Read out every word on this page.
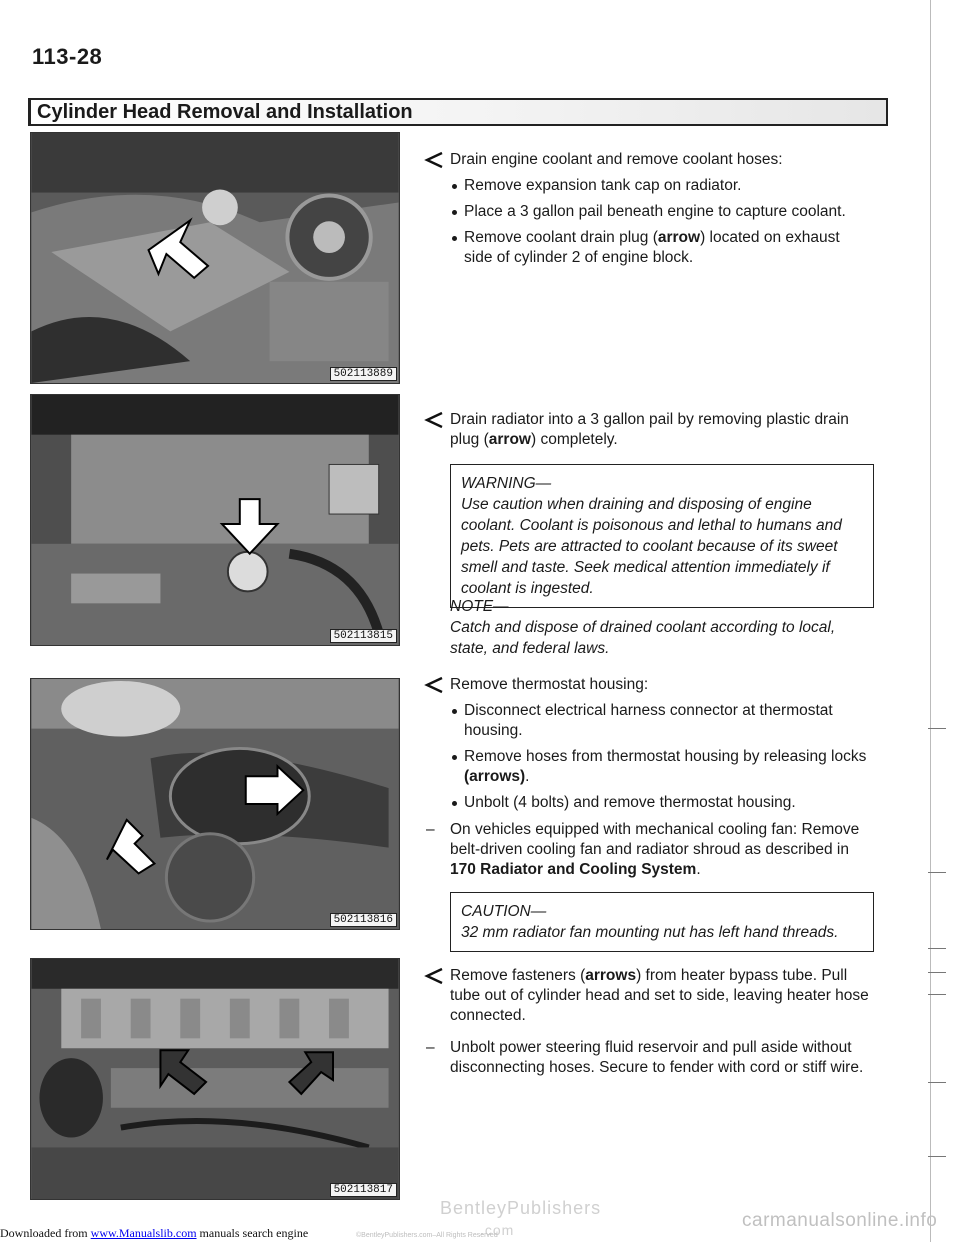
113-28
Cylinder Head Removal and Installation
502113889
502113815
502113816
502113817
Drain engine coolant and remove coolant hoses:
Remove expansion tank cap on radiator.
Place a 3 gallon pail beneath engine to capture coolant.
Remove coolant drain plug (arrow) located on exhaust side of cylinder 2 of engine block.
Drain radiator into a 3 gallon pail by removing plastic drain plug (arrow) completely.
WARNING—
Use caution when draining and disposing of engine coolant. Coolant is poisonous and lethal to humans and pets. Pets are attracted to coolant because of its sweet smell and taste. Seek medical attention immediately if coolant is ingested.
NOTE—
Catch and dispose of drained coolant according to local, state, and federal laws.
Remove thermostat housing:
Disconnect electrical harness connector at thermostat housing.
Remove hoses from thermostat housing by releasing locks (arrows).
Unbolt (4 bolts) and remove thermostat housing.
– On vehicles equipped with mechanical cooling fan: Remove belt-driven cooling fan and radiator shroud as described in 170 Radiator and Cooling System.
CAUTION—
32 mm radiator fan mounting nut has left hand threads.
Remove fasteners (arrows) from heater bypass tube. Pull tube out of cylinder head and set to side, leaving heater hose connected.
– Unbolt power steering fluid reservoir and pull aside without disconnecting hoses. Secure to fender with cord or stiff wire.
Downloaded from www.Manualslib.com manuals search engine
BentleyPublishers
.com
©BentleyPublishers.com–All Rights Reserved
carmanualsonline.info
